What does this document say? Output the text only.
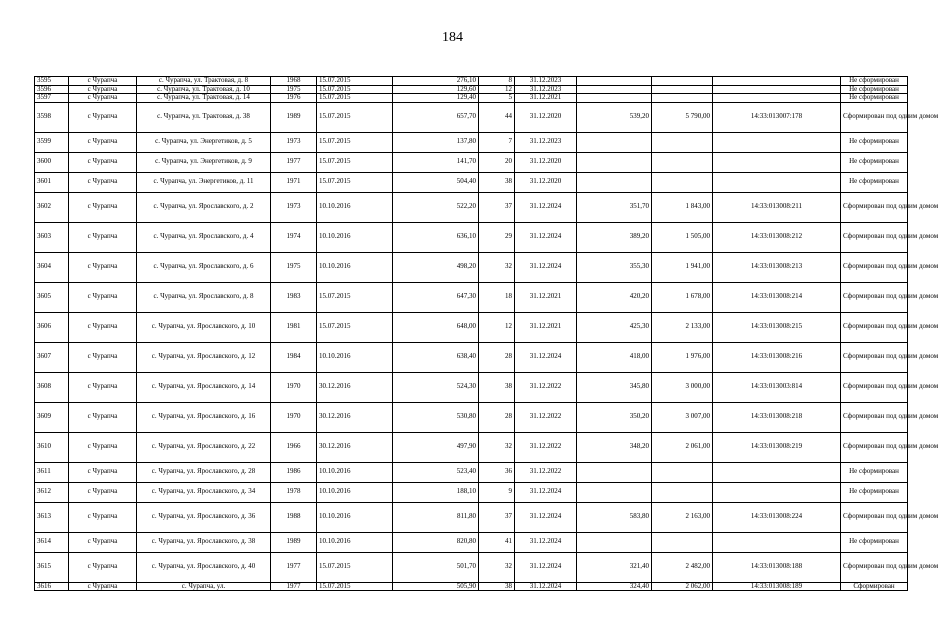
184
3595	с Чурапча	с. Чурапча, ул. Трактовая, д. 8	1968	15.07.2015	276,10	8	31.12.2023				Не сформирован
3596	с Чурапча	с. Чурапча, ул. Трактовая, д. 10	1975	15.07.2015	129,60	12	31.12.2023				Не сформирован
3597	с Чурапча	с. Чурапча, ул. Трактовая, д. 14	1976	15.07.2015	129,40	5	31.12.2021				Не сформирован
3598	с Чурапча	с. Чурапча, ул. Трактовая, д. 38	1989	15.07.2015	657,70	44	31.12.2020	539,20	5 790,00	14:33:013007:178	Сформирован под одним домом
3599	с Чурапча	с. Чурапча, ул. Энергетиков, д. 5	1973	15.07.2015	137,80	7	31.12.2023				Не сформирован
3600	с Чурапча	с. Чурапча, ул. Энергетиков, д. 9	1977	15.07.2015	141,70	20	31.12.2020				Не сформирован
3601	с Чурапча	с. Чурапча, ул. Энергетиков, д. 11	1971	15.07.2015	504,40	38	31.12.2020				Не сформирован
3602	с Чурапча	с. Чурапча, ул. Ярославского, д. 2	1973	10.10.2016	522,20	37	31.12.2024	351,70	1 843,00	14:33:013008:211	Сформирован под одним домом
3603	с Чурапча	с. Чурапча, ул. Ярославского, д. 4	1974	10.10.2016	636,10	29	31.12.2024	389,20	1 505,00	14:33:013008:212	Сформирован под одним домом
3604	с Чурапча	с. Чурапча, ул. Ярославского, д. 6	1975	10.10.2016	498,20	32	31.12.2024	355,30	1 941,00	14:33:013008:213	Сформирован под одним домом
3605	с Чурапча	с. Чурапча, ул. Ярославского, д. 8	1983	15.07.2015	647,30	18	31.12.2021	420,20	1 678,00	14:33:013008:214	Сформирован под одним домом
3606	с Чурапча	с. Чурапча, ул. Ярославского, д. 10	1981	15.07.2015	648,00	12	31.12.2021	425,30	2 133,00	14:33:013008:215	Сформирован под одним домом
3607	с Чурапча	с. Чурапча, ул. Ярославского, д. 12	1984	10.10.2016	638,40	28	31.12.2024	418,00	1 976,00	14:33:013008:216	Сформирован под одним домом
3608	с Чурапча	с. Чурапча, ул. Ярославского, д. 14	1970	30.12.2016	524,30	38	31.12.2022	345,80	3 000,00	14:33:013003:814	Сформирован под одним домом
3609	с Чурапча	с. Чурапча, ул. Ярославского, д. 16	1970	30.12.2016	530,80	28	31.12.2022	350,20	3 007,00	14:33:013008:218	Сформирован под одним домом
3610	с Чурапча	с. Чурапча, ул. Ярославского, д. 22	1966	30.12.2016	497,90	32	31.12.2022	348,20	2 061,00	14:33:013008:219	Сформирован под одним домом
3611	с Чурапча	с. Чурапча, ул. Ярославского, д. 28	1986	10.10.2016	523,40	36	31.12.2022				Не сформирован
3612	с Чурапча	с. Чурапча, ул. Ярославского, д. 34	1978	10.10.2016	188,10	9	31.12.2024				Не сформирован
3613	с Чурапча	с. Чурапча, ул. Ярославского, д. 36	1988	10.10.2016	811,80	37	31.12.2024	583,80	2 163,00	14:33:013008:224	Сформирован под одним домом
3614	с Чурапча	с. Чурапча, ул. Ярославского, д. 38	1989	10.10.2016	820,80	41	31.12.2024				Не сформирован
3615	с Чурапча	с. Чурапча, ул. Ярославского, д. 40	1977	15.07.2015	501,70	32	31.12.2024	321,40	2 482,00	14:33:013008:188	Сформирован под одним домом
3616	с Чурапча	с. Чурапча, ул.	1977	15.07.2015	505,90	38	31.12.2024	324,40	2 062,00	14:33:013008:189	Сформирован
